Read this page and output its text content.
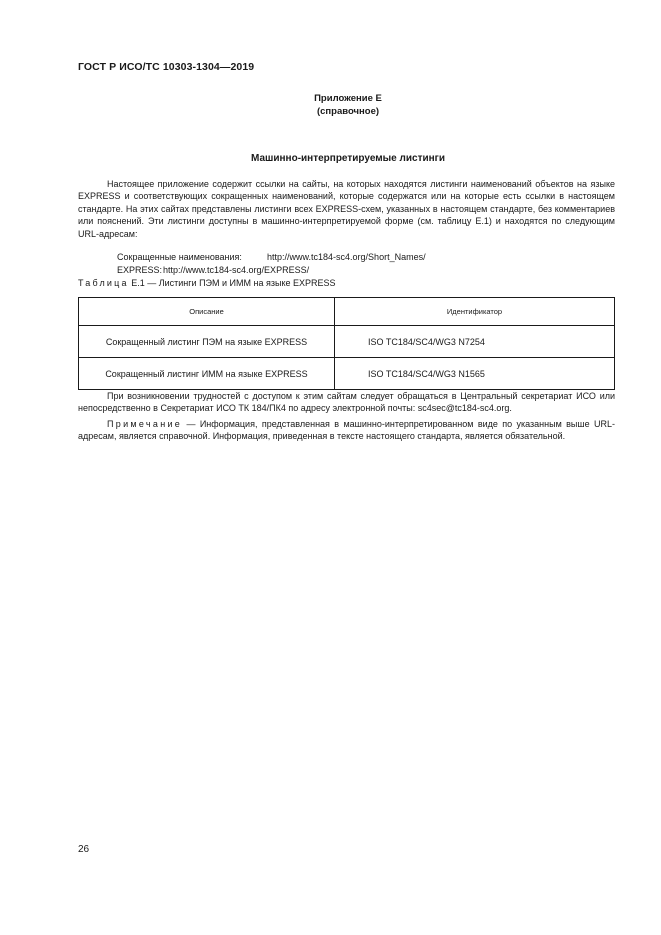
ГОСТ Р ИСО/ТС 10303-1304—2019
Приложение Е
(справочное)
Машинно-интерпретируемые листинги

Настоящее приложение содержит ссылки на сайты, на которых находятся листинги наименований объектов на языке EXPRESS и соответствующих сокращенных наименований, которые содержатся или на которые есть ссылки в настоящем стандарте. На этих сайтах представлены листинги всех EXPRESS-схем, указанных в настоящем стандарте, без комментариев или пояснений. Эти листинги доступны в машинно-интерпретируемой форме (см. таблицу Е.1) и находятся по следующим URL-адресам:

Сокращенные наименования:	http://www.tc184-sc4.org/Short_Names/

EXPRESS:http://www.tc184-sc4.org/EXPRESS/

Таблица Е.1 — Листинги ПЭМ и ИММ на языке EXPRESS
Описание	Идентификатор
Сокращенный листинг ПЭМ на языке EXPRESS	ISO TC184/SC4/WG3 N7254
Сокращенный листинг ИММ на языке EXPRESS	ISO TC184/SC4/WG3 N1565

При возникновении трудностей с доступом к этим сайтам следует обращаться в Центральный секретариат ИСО или непосредственно в Секретариат ИСО ТК 184/ПК4 по адресу электронной почты: sc4sec@tc184-sc4.org.

Примечание — Информация, представленная в машинно-интерпретированном виде по указанным выше URL-адресам, является справочной. Информация, приведенная в тексте настоящего стандарта, является обязательной.

26
